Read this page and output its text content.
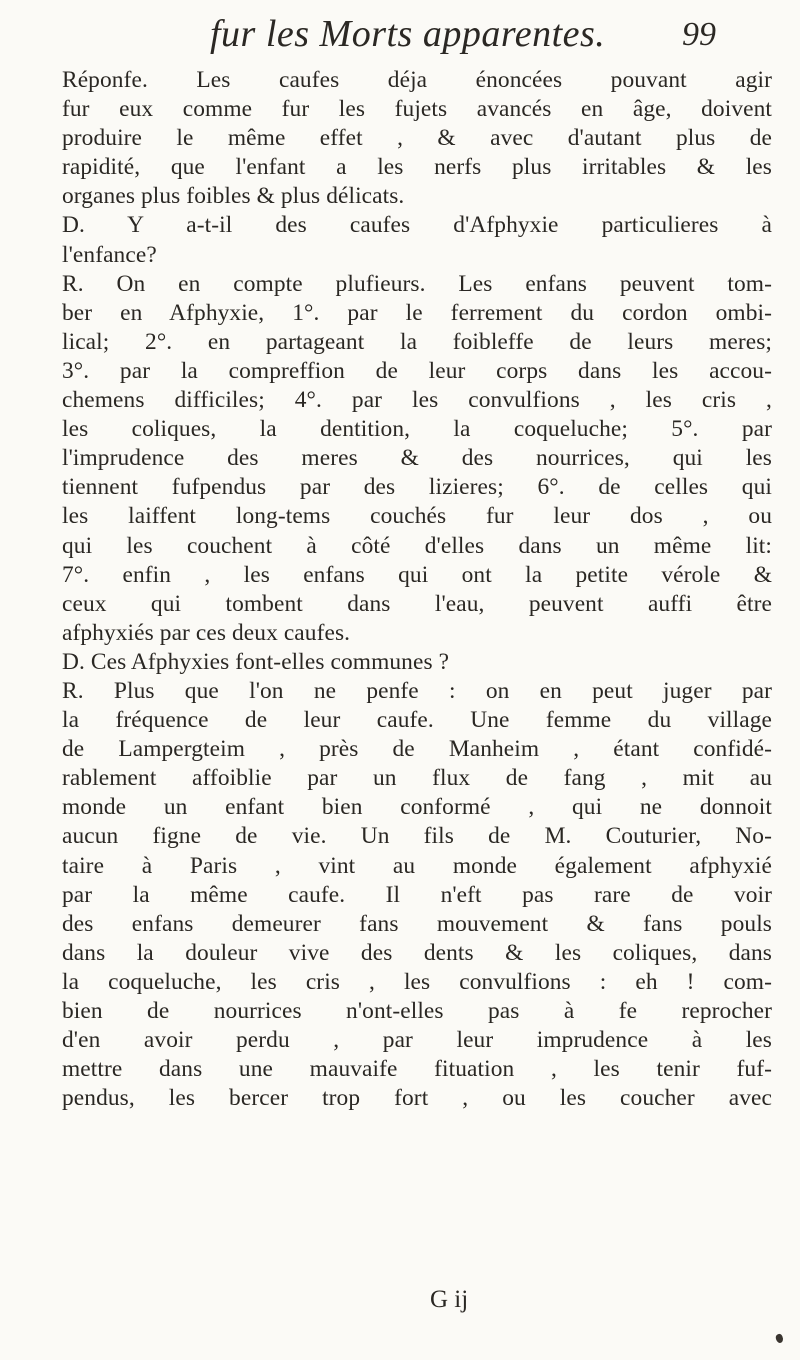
fur les Morts apparentes. 99
Réponfe. Les caufes déja énoncées pouvant agir
fur eux comme fur les fujets avancés en âge, doivent
produire le même effet , & avec d'autant plus de
rapidité, que l'enfant a les nerfs plus irritables & les
organes plus foibles & plus délicats.
D. Y a-t-il des caufes d'Afphyxie particulieres à
l'enfance?
R. On en compte plufieurs. Les enfans peuvent tom-
ber en Afphyxie, 1°. par le ferrement du cordon ombi-
lical; 2°. en partageant la foibleffe de leurs meres;
3°. par la compreffion de leur corps dans les accou-
chemens difficiles; 4°. par les convulfions , les cris ,
les coliques, la dentition, la coqueluche; 5°. par
l'imprudence des meres & des nourrices, qui les
tiennent fufpendus par des lizieres; 6°. de celles qui
les laiffent long-tems couchés fur leur dos , ou
qui les couchent à côté d'elles dans un même lit:
7°. enfin , les enfans qui ont la petite vérole &
ceux qui tombent dans l'eau, peuvent auffi être
afphyxiés par ces deux caufes.
D. Ces Afphyxies font-elles communes ?
R. Plus que l'on ne penfe : on en peut juger par
la fréquence de leur caufe. Une femme du village
de Lampergteim , près de Manheim , étant confidé-
rablement affoiblie par un flux de fang , mit au
monde un enfant bien conformé , qui ne donnoit
aucun figne de vie. Un fils de M. Couturier, No-
taire à Paris , vint au monde également afphyxié
par la même caufe. Il n'eft pas rare de voir
des enfans demeurer fans mouvement & fans pouls
dans la douleur vive des dents & les coliques, dans
la coqueluche, les cris , les convulfions : eh ! com-
bien de nourrices n'ont-elles pas à fe reprocher
d'en avoir perdu , par leur imprudence à les
mettre dans une mauvaife fituation , les tenir fuf-
pendus, les bercer trop fort , ou les coucher avec
G ij
